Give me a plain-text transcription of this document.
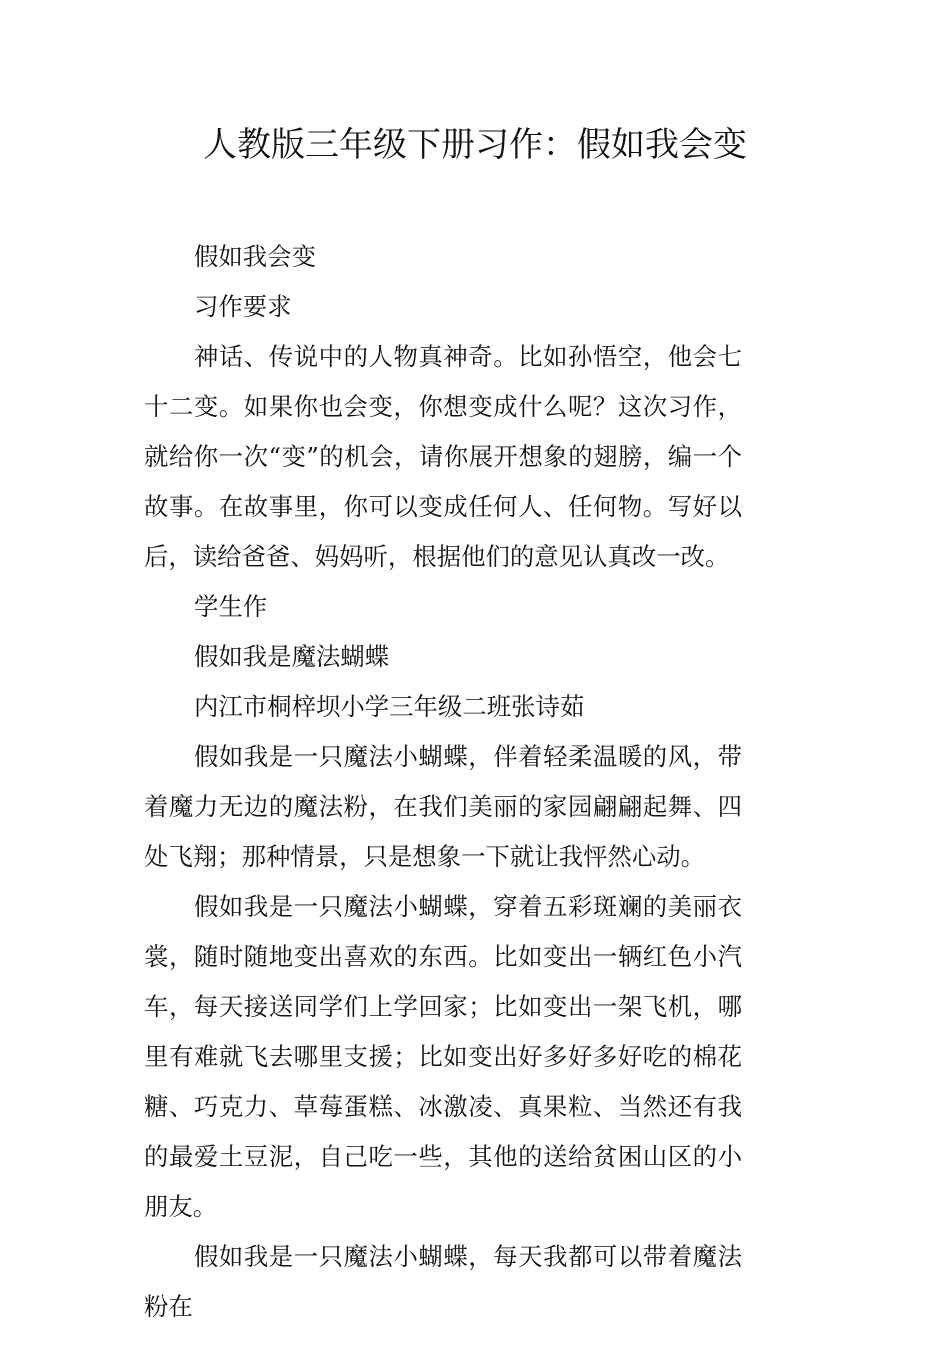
人教版三年级下册习作：假如我会变

假如我会变

习作要求

神话、传说中的人物真神奇。比如孙悟空，他会七十二变。如果你也会变，你想变成什么呢？这次习作，就给你一次“变”的机会，请你展开想象的翅膀，编一个故事。在故事里，你可以变成任何人、任何物。写好以后，读给爸爸、妈妈听，根据他们的意见认真改一改。

学生作

假如我是魔法蝴蝶

内江市桐梓坝小学三年级二班张诗茹

假如我是一只魔法小蝴蝶，伴着轻柔温暖的风，带着魔力无边的魔法粉，在我们美丽的家园翩翩起舞、四处飞翔；那种情景，只是想象一下就让我怦然心动。

假如我是一只魔法小蝴蝶，穿着五彩斑斓的美丽衣裳，随时随地变出喜欢的东西。比如变出一辆红色小汽车，每天接送同学们上学回家；比如变出一架飞机，哪里有难就飞去哪里支援；比如变出好多好多好吃的棉花糖、巧克力、草莓蛋糕、冰激凌、真果粒、当然还有我的最爱土豆泥，自己吃一些，其他的送给贫困山区的小朋友。

假如我是一只魔法小蝴蝶，每天我都可以带着魔法粉在
